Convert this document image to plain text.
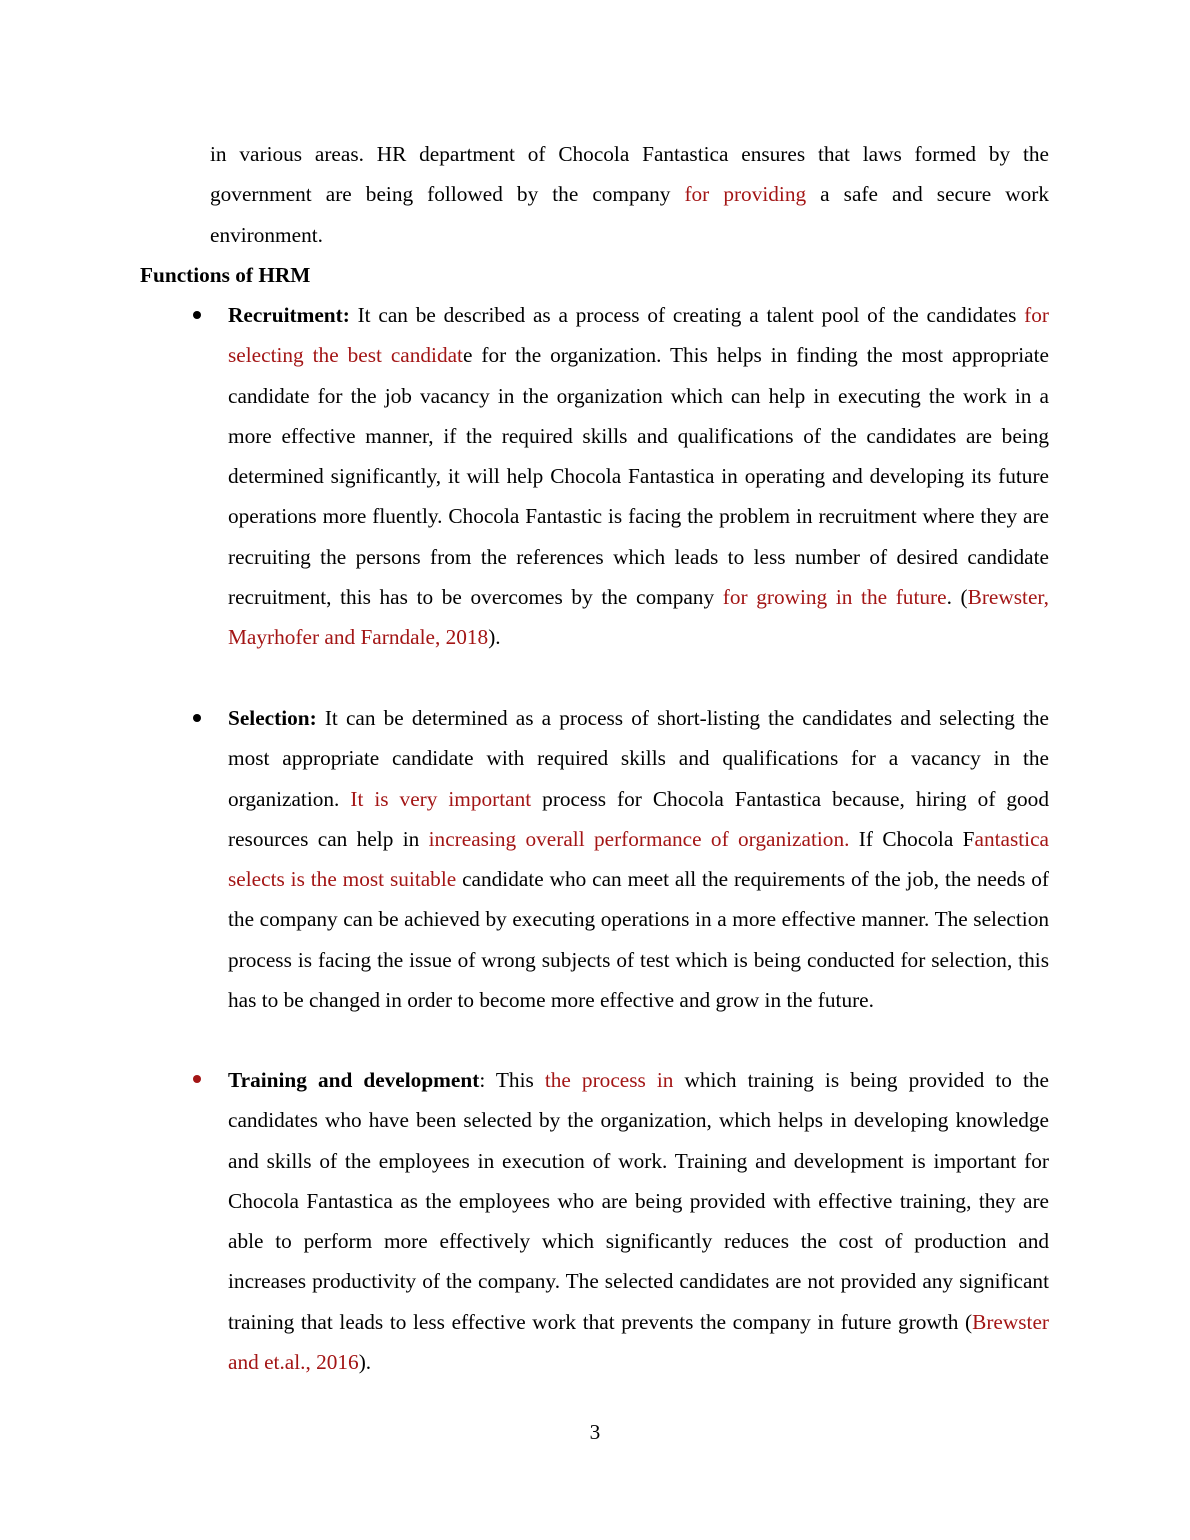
in various areas. HR department of Chocola Fantastica ensures that laws formed by the government are being followed by the company for providing a safe and secure work environment.
Functions of HRM
Recruitment: It can be described as a process of creating a talent pool of the candidates for selecting the best candidate for the organization. This helps in finding the most appropriate candidate for the job vacancy in the organization which can help in executing the work in a more effective manner, if the required skills and qualifications of the candidates are being determined significantly, it will help Chocola Fantastica in operating and developing its future operations more fluently. Chocola Fantastic is facing the problem in recruitment where they are recruiting the persons from the references which leads to less number of desired candidate recruitment, this has to be overcomes by the company for growing in the future. (Brewster, Mayrhofer and Farndale, 2018).
Selection: It can be determined as a process of short-listing the candidates and selecting the most appropriate candidate with required skills and qualifications for a vacancy in the organization. It is very important process for Chocola Fantastica because, hiring of good resources can help in increasing overall performance of organization. If Chocola Fantastica selects is the most suitable candidate who can meet all the requirements of the job, the needs of the company can be achieved by executing operations in a more effective manner. The selection process is facing the issue of wrong subjects of test which is being conducted for selection, this has to be changed in order to become more effective and grow in the future.
Training and development: This the process in which training is being provided to the candidates who have been selected by the organization, which helps in developing knowledge and skills of the employees in execution of work. Training and development is important for Chocola Fantastica as the employees who are being provided with effective training, they are able to perform more effectively which significantly reduces the cost of production and increases productivity of the company. The selected candidates are not provided any significant training that leads to less effective work that prevents the company in future growth (Brewster and et.al., 2016).
3
